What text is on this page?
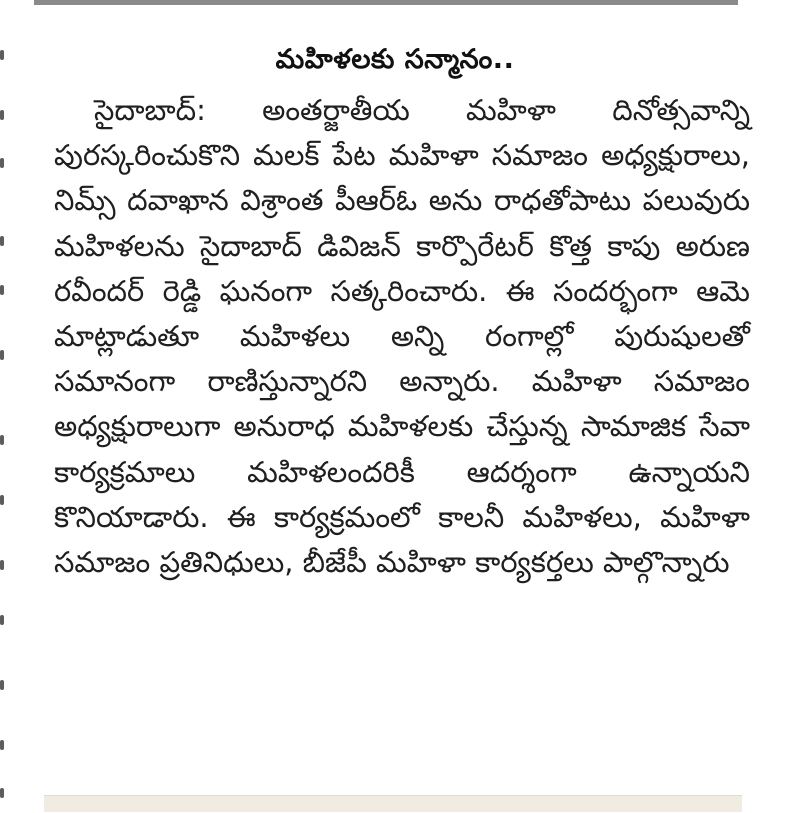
మహిళలకు సన్మానం..

సైదాబాద్: అంతర్జాతీయ మహిళా దినోత్సవాన్ని పురస్కరించుకొని మలక్ పేట మహిళా సమాజం అధ్యక్షురాలు, నిమ్స్ దవాఖాన విశ్రాంత పీఆర్ఓ అను రాధతోపాటు పలువురు మహిళలను సైదాబాద్ డివిజన్ కార్పొరేటర్ కొత్త కాపు అరుణ రవీందర్ రెడ్డి ఘనంగా సత్కరించారు. ఈ సందర్భంగా ఆమె మాట్లాడుతూ మహిళలు అన్ని రంగాల్లో పురుషులతో సమానంగా రాణిస్తున్నారని అన్నారు. మహిళా సమాజం అధ్యక్షురాలుగా అనురాధ మహిళలకు చేస్తున్న సామాజిక సేవా కార్యక్రమాలు మహిళలందరికీ ఆదర్శంగా ఉన్నాయని కొనియాడారు. ఈ కార్యక్రమంలో కాలనీ మహిళలు, మహిళా సమాజం ప్రతినిధులు, బీజేపీ మహిళా కార్యకర్తలు పాల్గొన్నారు
